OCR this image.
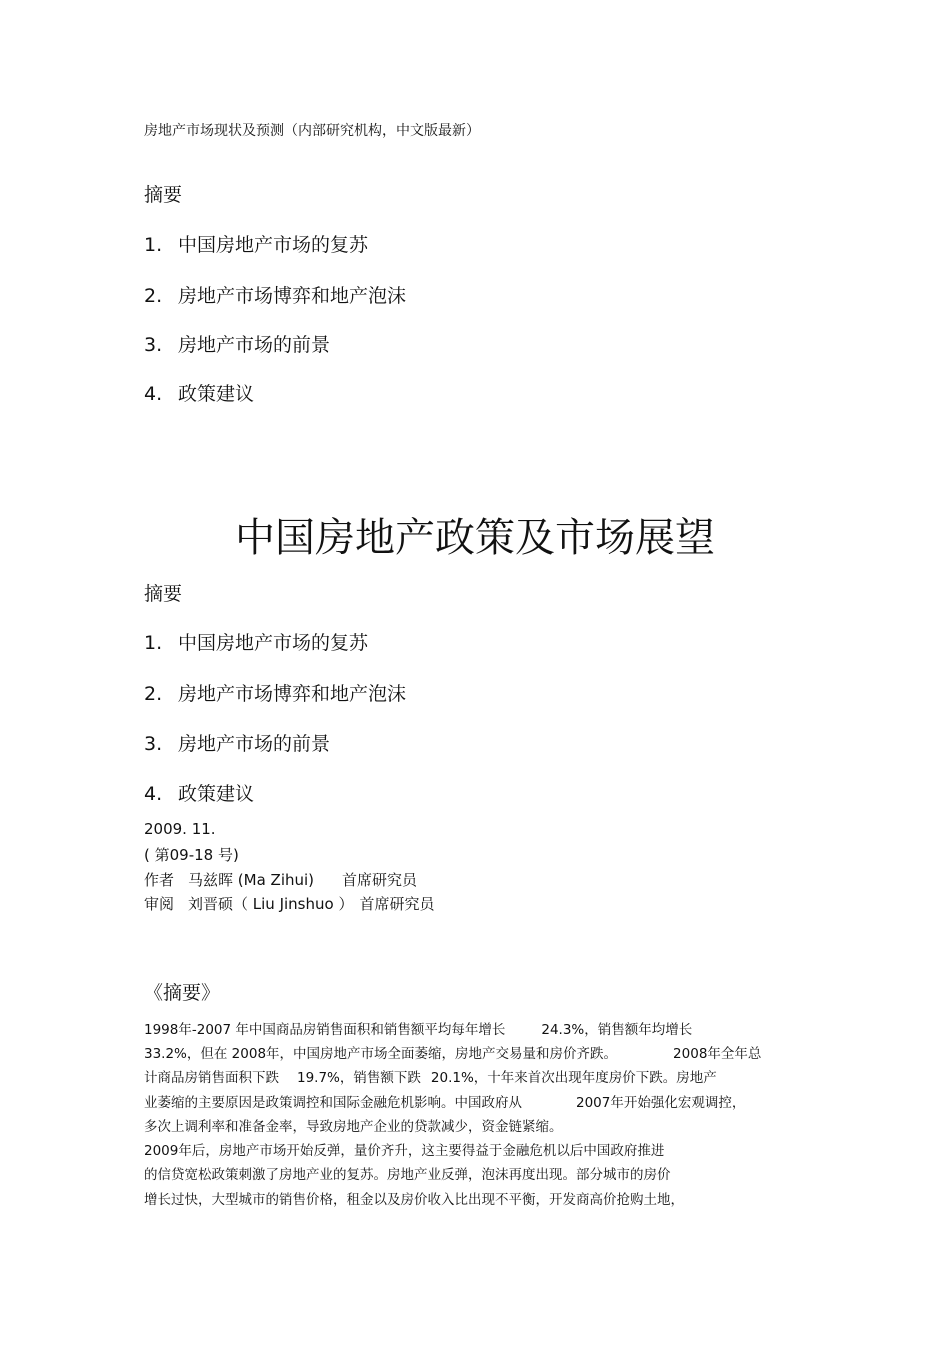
房地产市场现状及预测（内部研究机构，中文版最新）
摘要
1. 中国房地产市场的复苏
2. 房地产市场博弈和地产泡沫
3. 房地产市场的前景
4. 政策建议
中国房地产政策及市场展望
摘要
1. 中国房地产市场的复苏
2. 房地产市场博弈和地产泡沫
3. 房地产市场的前景
4. 政策建议
2009. 11.
( 第09-18 号)
作者 马兹晖 (Ma Zihui) 首席研究员
审阅 刘晋硕（ Liu Jinshuo ） 首席研究员
《摘要》
1998年-2007 年中国商品房销售面积和销售额平均每年增长	24.3%，销售额年均增长
33.2%，但在 2008年，中国房地产市场全面萎缩，房地产交易量和房价齐跌。	2008年全年总
计商品房销售面积下跌 19.7%，销售额下跌 20.1%，十年来首次出现年度房价下跌。房地产
业萎缩的主要原因是政策调控和国际金融危机影响。中国政府从	2007年开始强化宏观调控，
多次上调利率和准备金率，导致房地产企业的贷款减少，资金链紧缩。
2009年后，房地产市场开始反弹，量价齐升，这主要得益于金融危机以后中国政府推进
的信贷宽松政策刺激了房地产业的复苏。房地产业反弹，泡沫再度出现。部分城市的房价
增长过快，大型城市的销售价格，租金以及房价收入比出现不平衡，开发商高价抢购土地，
